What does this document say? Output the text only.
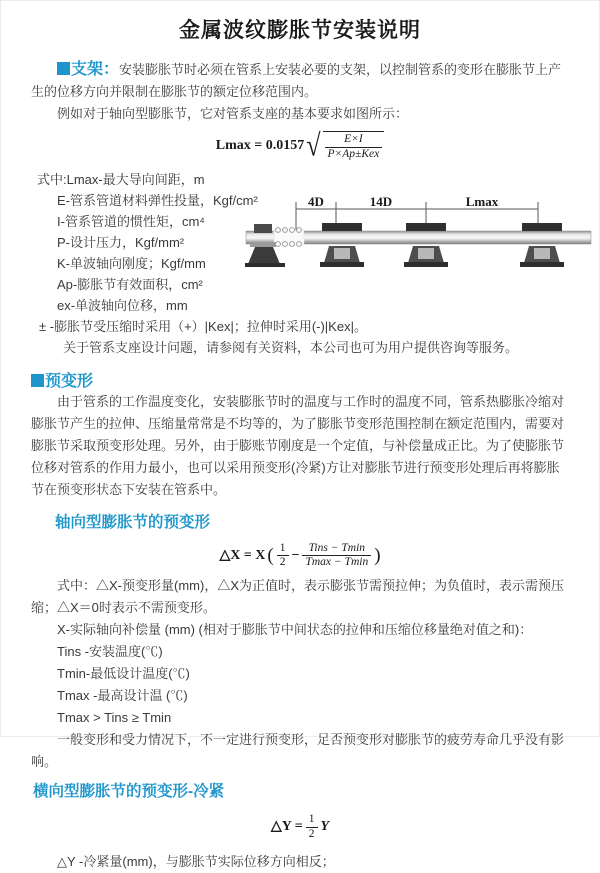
金属波纹膨胀节安装说明

支架：安装膨胀节时必须在管系上安装必要的支架，以控制管系的变形在膨胀节上产生的位移方向并限制在膨胀节的额定位移范围内。

例如对于轴向型膨胀节，它对管系支座的基本要求如图所示：

$Lmax = 0.0157√ \frac{E\times I}{\text{P×Ap±Kex}}$
式中:Lmax-最大导向间距，m
E-管系管道材料弹性投量，Kgf/cm²
I-管系管道的惯性矩，cm⁴
P-设计压力，Kgf/mm²
K-单波轴向刚度；Kgf/mm
Ap-膨胀节有效面积，cm²
ex-单波轴向位移，mm
± -膨胀节受压缩时采用（+）|Kex|；拉伸时采用(-)|Kex|。
关于管系支座设计问题，请参阅有关资料，本公司也可为用户提供咨询等服务。
预变形

由于管系的工作温度变化，安装膨胀节时的温度与工作时的温度不同，管系热膨胀冷缩对膨胀节产生的拉伸、压缩量常常是不均等的，为了膨胀节变形范围控制在额定范围内，需要对膨胀节采取预变形处理。另外，由于膨账节刚度是一个定值，与补偿量成正比。为了使膨胀节位移对管系的作用力最小，也可以采用预变形(冷紧)方让对膨胀节进行预变形处理后再将膨胀节在预变形状态下安装在管系中。

轴向型膨胀节的预变形
△X = X ( $\frac{1}{2} - \frac{\text{Tins − Tmin}}{Tmax - Tmin}$ )

式中：△X-预变形量(mm)，△X为正值时，表示膨张节需预拉伸；为负值时，表示需预压缩；△X＝0时表示不需预变形。

X-实际轴向补偿量 (mm) (相对于膨胀节中间状态的拉伸和压缩位移量绝对值之和)：

Tins -安装温度(℃)
Tmin-最低设计温度(℃)
Tmax -最高设计温 (℃)
Tmax > Tins ≥ Tmin

一般变形和受力情况下，不一定进行预变形，足否预变形对膨胀节的疲劳寿命几乎没有影响。

横向型膨胀节的预变形-冷紧
△Y = $\frac{1}{2}$ Y

△Y -冷紧量(mm)，与膨胀节实际位移方向相反；

4D	14D	Lmax
